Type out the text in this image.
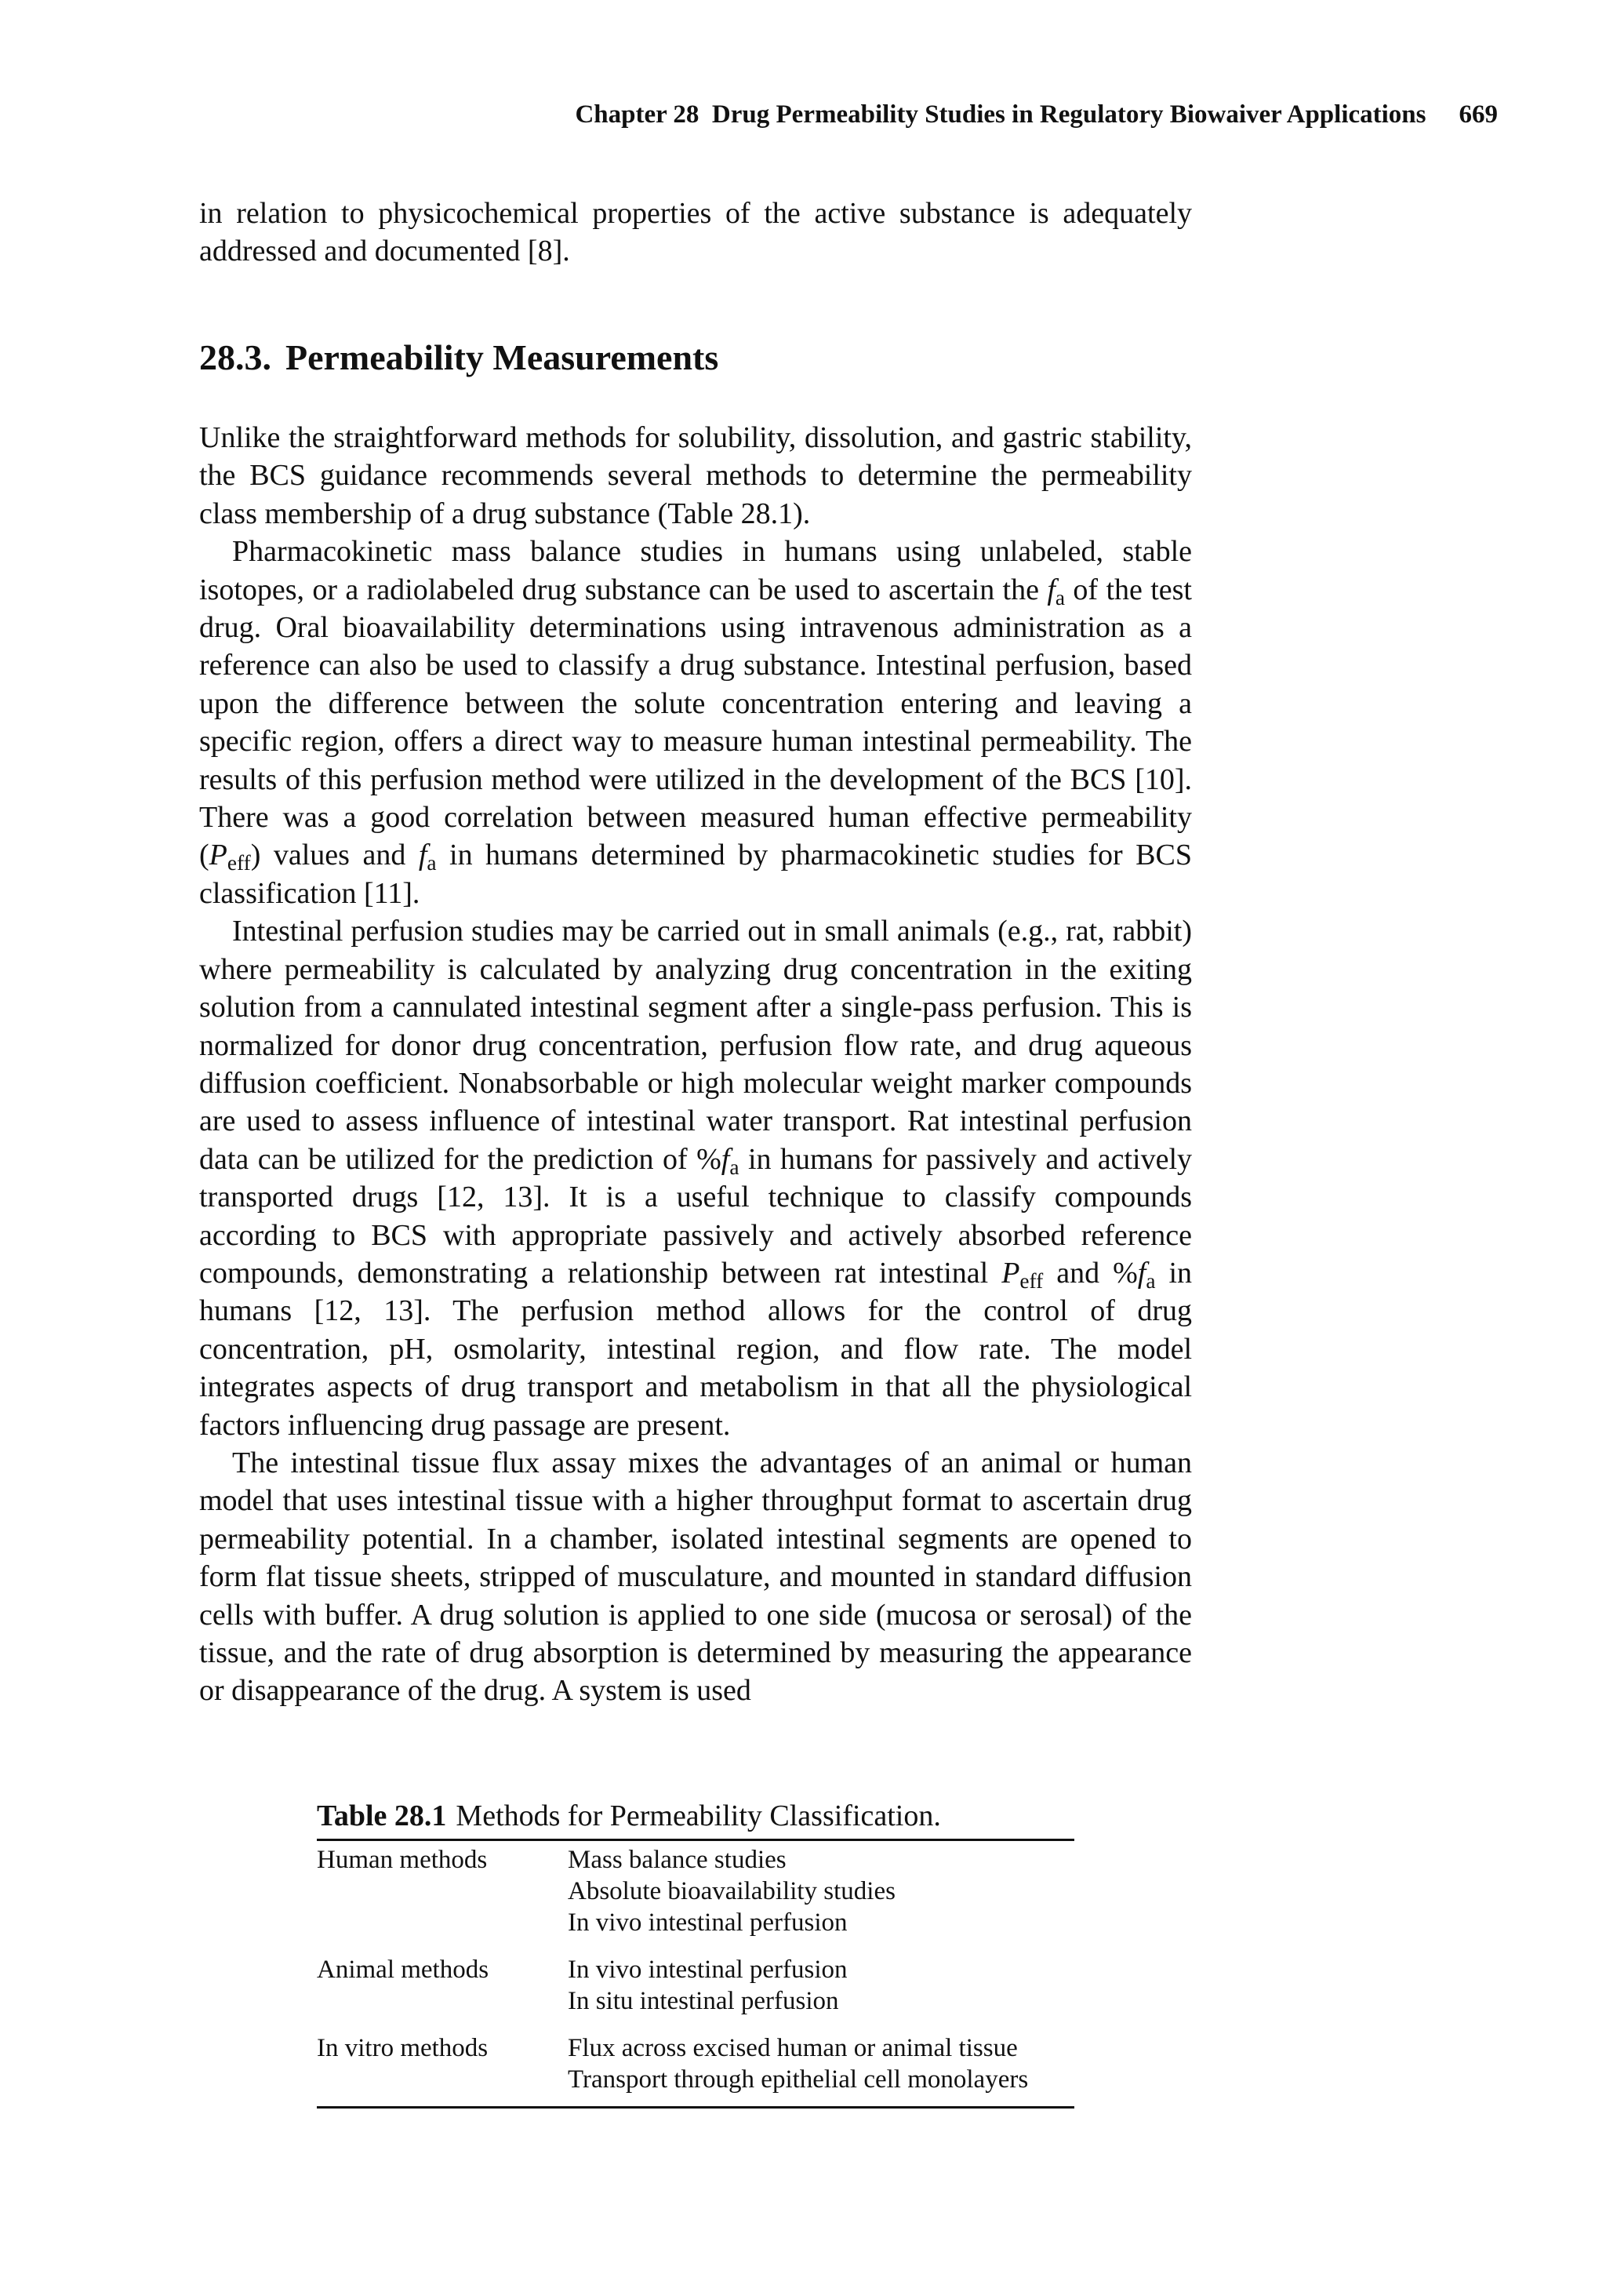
Chapter 28  Drug Permeability Studies in Regulatory Biowaiver Applications 669

in relation to physicochemical properties of the active substance is adequately addressed and documented [8].

28.3. Permeability Measurements

Unlike the straightforward methods for solubility, dissolution, and gastric stability, the BCS guidance recommends several methods to determine the permeability class membership of a drug substance (Table 28.1).

Pharmacokinetic mass balance studies in humans using unlabeled, stable isotopes, or a radiolabeled drug substance can be used to ascertain the $f_a$ of the test drug. Oral bioavailability determinations using intravenous administration as a reference can also be used to classify a drug substance. Intestinal perfusion, based upon the difference between the solute concentration entering and leaving a specific region, offers a direct way to measure human intestinal permeability. The results of this perfusion method were utilized in the development of the BCS [10]. There was a good correlation between measured human effective permeability $(P_{eff})$ values and $f_a$ in humans determined by pharmacokinetic studies for BCS classification [11].

Intestinal perfusion studies may be carried out in small animals (e.g., rat, rabbit) where permeability is calculated by analyzing drug concentration in the exiting solution from a cannulated intestinal segment after a single-pass perfusion. This is normalized for donor drug concentration, perfusion flow rate, and drug aqueous diffusion coefficient. Nonabsorbable or high molecular weight marker compounds are used to assess influence of intestinal water transport. Rat intestinal perfusion data can be utilized for the prediction of $\%f_a$ in humans for passively and actively transported drugs [12, 13]. It is a useful technique to classify compounds according to BCS with appropriate passively and actively absorbed reference compounds, demonstrating a relationship between rat intestinal $P_{eff}$ and $\%f_a$ in humans [12, 13]. The perfusion method allows for the control of drug concentration, pH, osmolarity, intestinal region, and flow rate. The model integrates aspects of drug transport and metabolism in that all the physiological factors influencing drug passage are present.

The intestinal tissue flux assay mixes the advantages of an animal or human model that uses intestinal tissue with a higher throughput format to ascertain drug permeability potential. In a chamber, isolated intestinal segments are opened to form flat tissue sheets, stripped of musculature, and mounted in standard diffusion cells with buffer. A drug solution is applied to one side (mucosa or serosal) of the tissue, and the rate of drug absorption is determined by measuring the appearance or disappearance of the drug. A system is used

Table 28.1 Methods for Permeability Classification.
Human methods	Mass balance studies
Absolute bioavailability studies
In vivo intestinal perfusion

Animal methods	In vivo intestinal perfusion
In situ intestinal perfusion

In vitro methods	Flux across excised human or animal tissue
Transport through epithelial cell monolayers
